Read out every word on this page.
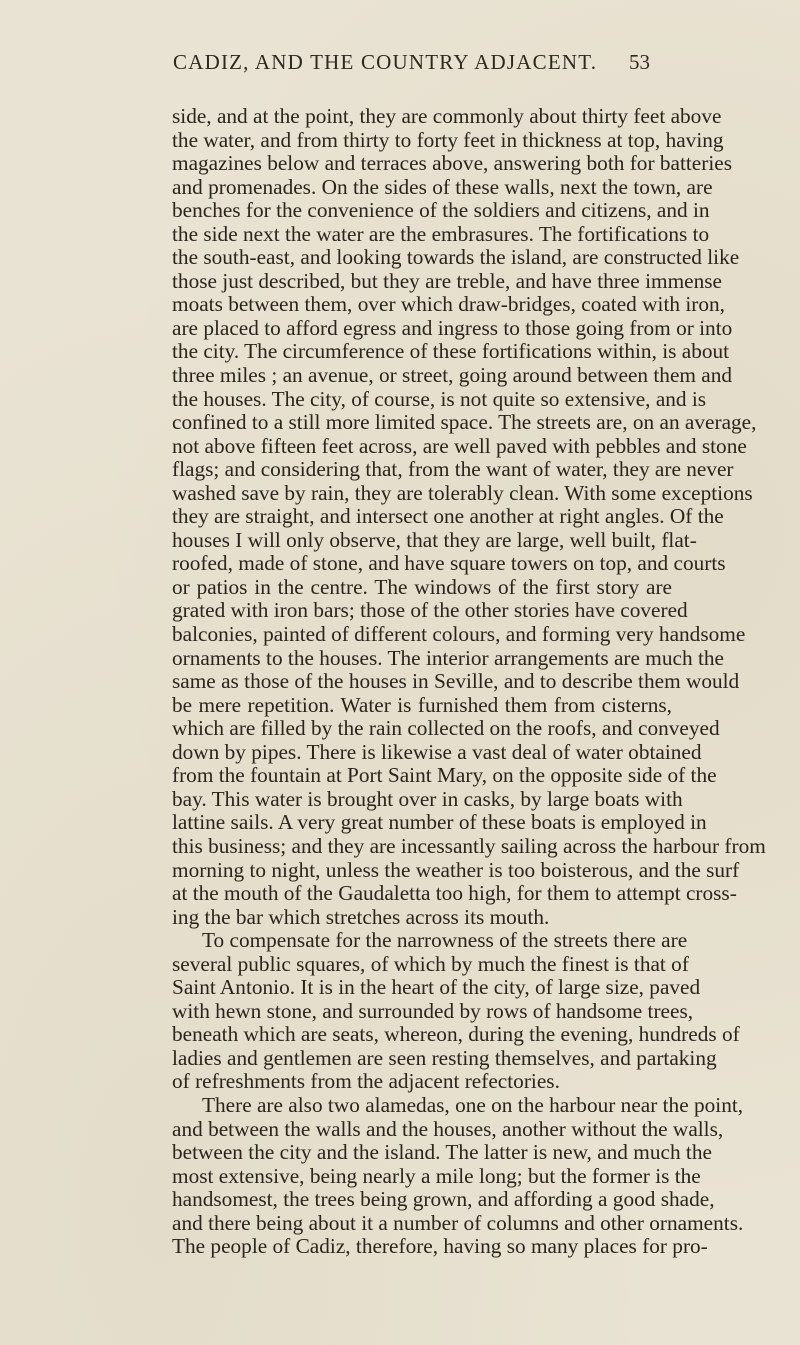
CADIZ, AND THE COUNTRY ADJACENT. 53
side, and at the point, they are commonly about thirty feet above
the water, and from thirty to forty feet in thickness at top, having
magazines below and terraces above, answering both for batteries
and promenades. On the sides of these walls, next the town, are
benches for the convenience of the soldiers and citizens, and in
the side next the water are the embrasures. The fortifications to
the south-east, and looking towards the island, are constructed like
those just described, but they are treble, and have three immense
moats between them, over which draw-bridges, coated with iron,
are placed to afford egress and ingress to those going from or into
the city. The circumference of these fortifications within, is about
three miles ; an avenue, or street, going around between them and
the houses. The city, of course, is not quite so extensive, and is
confined to a still more limited space. The streets are, on an average,
not above fifteen feet across, are well paved with pebbles and stone
flags; and considering that, from the want of water, they are never
washed save by rain, they are tolerably clean. With some exceptions
they are straight, and intersect one another at right angles. Of the
houses I will only observe, that they are large, well built, flat-
roofed, made of stone, and have square towers on top, and courts
or patios in the centre. The windows of the first story are
grated with iron bars; those of the other stories have covered
balconies, painted of different colours, and forming very handsome
ornaments to the houses. The interior arrangements are much the
same as those of the houses in Seville, and to describe them would
be mere repetition. Water is furnished them from cisterns,
which are filled by the rain collected on the roofs, and conveyed
down by pipes. There is likewise a vast deal of water obtained
from the fountain at Port Saint Mary, on the opposite side of the
bay. This water is brought over in casks, by large boats with
lattine sails. A very great number of these boats is employed in
this business; and they are incessantly sailing across the harbour from
morning to night, unless the weather is too boisterous, and the surf
at the mouth of the Gaudaletta too high, for them to attempt cross-
ing the bar which stretches across its mouth.
To compensate for the narrowness of the streets there are
several public squares, of which by much the finest is that of
Saint Antonio. It is in the heart of the city, of large size, paved
with hewn stone, and surrounded by rows of handsome trees,
beneath which are seats, whereon, during the evening, hundreds of
ladies and gentlemen are seen resting themselves, and partaking
of refreshments from the adjacent refectories.
There are also two alamedas, one on the harbour near the point,
and between the walls and the houses, another without the walls,
between the city and the island. The latter is new, and much the
most extensive, being nearly a mile long; but the former is the
handsomest, the trees being grown, and affording a good shade,
and there being about it a number of columns and other ornaments.
The people of Cadiz, therefore, having so many places for pro-
